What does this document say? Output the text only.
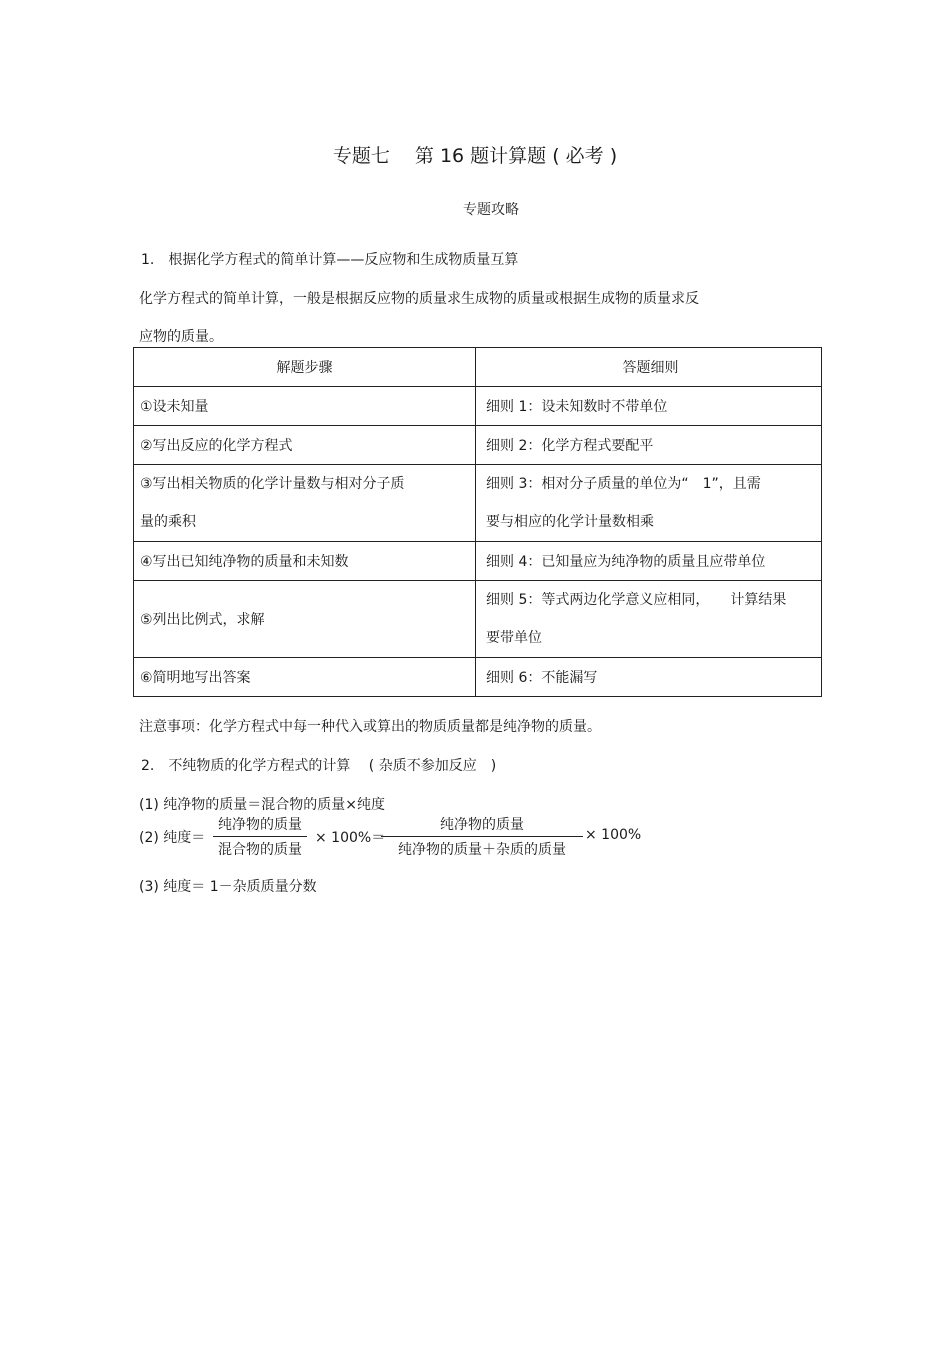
专题七　 第 16 题计算题 ( 必考 )
专题攻略
1.　根据化学方程式的简单计算——反应物和生成物质量互算
化学方程式的简单计算，一般是根据反应物的质量求生成物的质量或根据生成物的质量求反
应物的质量。
解题步骤	答题细则
①设未知量	细则 1：设未知数时不带单位
②写出反应的化学方程式	细则 2：化学方程式要配平

③写出相关物质的化学计量数与相对分子质
量的乘积	细则 3：相对分子质量的单位为“　1”，且需
要与相应的化学计量数相乘

④写出已知纯净物的质量和未知数	细则 4：已知量应为纯净物的质量且应带单位
⑤列出比例式，求解	细则 5：等式两边化学意义应相同，　　计算结果
要带单位

⑥简明地写出答案	细则 6：不能漏写
注意事项：化学方程式中每一种代入或算出的物质质量都是纯净物的质量。
2.　不纯物质的化学方程式的计算　 ( 杂质不参加反应　)
(1) 纯净物的质量＝混合物的质量×纯度
(2) 纯度＝
纯净物的质量
混合物的质量
× 100%＝
纯净物的质量
纯净物的质量＋杂质的质量
× 100%
(3) 纯度＝ 1－杂质质量分数
